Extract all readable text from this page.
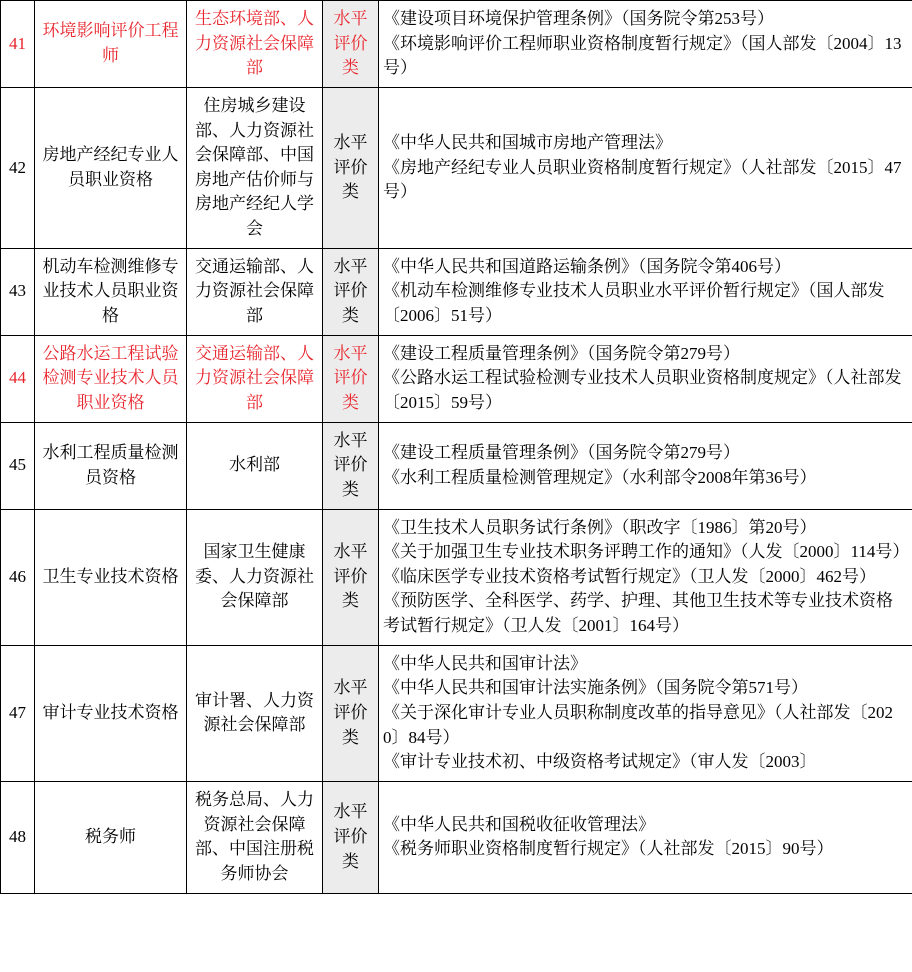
41	环境影响评价工程师	生态环境部、人力资源社会保障部	水平评价类	《建设项目环境保护管理条例》（国务院令第253号）
《环境影响评价工程师职业资格制度暂行规定》（国人部发〔2004〕13号）

42	房地产经纪专业人员职业资格	住房城乡建设部、人力资源社会保障部、中国房地产估价师与房地产经纪人学会	水平评价类	《中华人民共和国城市房地产管理法》
《房地产经纪专业人员职业资格制度暂行规定》（人社部发〔2015〕47号）

43	机动车检测维修专业技术人员职业资格	交通运输部、人力资源社会保障部	水平评价类	《中华人民共和国道路运输条例》（国务院令第406号）
《机动车检测维修专业技术人员职业水平评价暂行规定》（国人部发〔2006〕51号）

44	公路水运工程试验检测专业技术人员职业资格	交通运输部、人力资源社会保障部	水平评价类	《建设工程质量管理条例》（国务院令第279号）
《公路水运工程试验检测专业技术人员职业资格制度规定》（人社部发〔2015〕59号）

45	水利工程质量检测员资格	水利部	水平评价类	《建设工程质量管理条例》（国务院令第279号）
《水利工程质量检测管理规定》（水利部令2008年第36号）

46	卫生专业技术资格	国家卫生健康委、人力资源社会保障部	水平评价类	《卫生技术人员职务试行条例》（职改字〔1986〕第20号）
《关于加强卫生专业技术职务评聘工作的通知》（人发〔2000〕114号）
《临床医学专业技术资格考试暂行规定》（卫人发〔2000〕462号）
《预防医学、全科医学、药学、护理、其他卫生技术等专业技术资格考试暂行规定》（卫人发〔2001〕164号）

47	审计专业技术资格	审计署、人力资源社会保障部	水平评价类	《中华人民共和国审计法》
《中华人民共和国审计法实施条例》（国务院令第571号）
《关于深化审计专业人员职称制度改革的指导意见》（人社部发〔2020〕84号）
《审计专业技术初、中级资格考试规定》（审人发〔2003〕

48	税务师	税务总局、人力资源社会保障部、中国注册税务师协会	水平评价类	《中华人民共和国税收征收管理法》
《税务师职业资格制度暂行规定》（人社部发〔2015〕90号）
